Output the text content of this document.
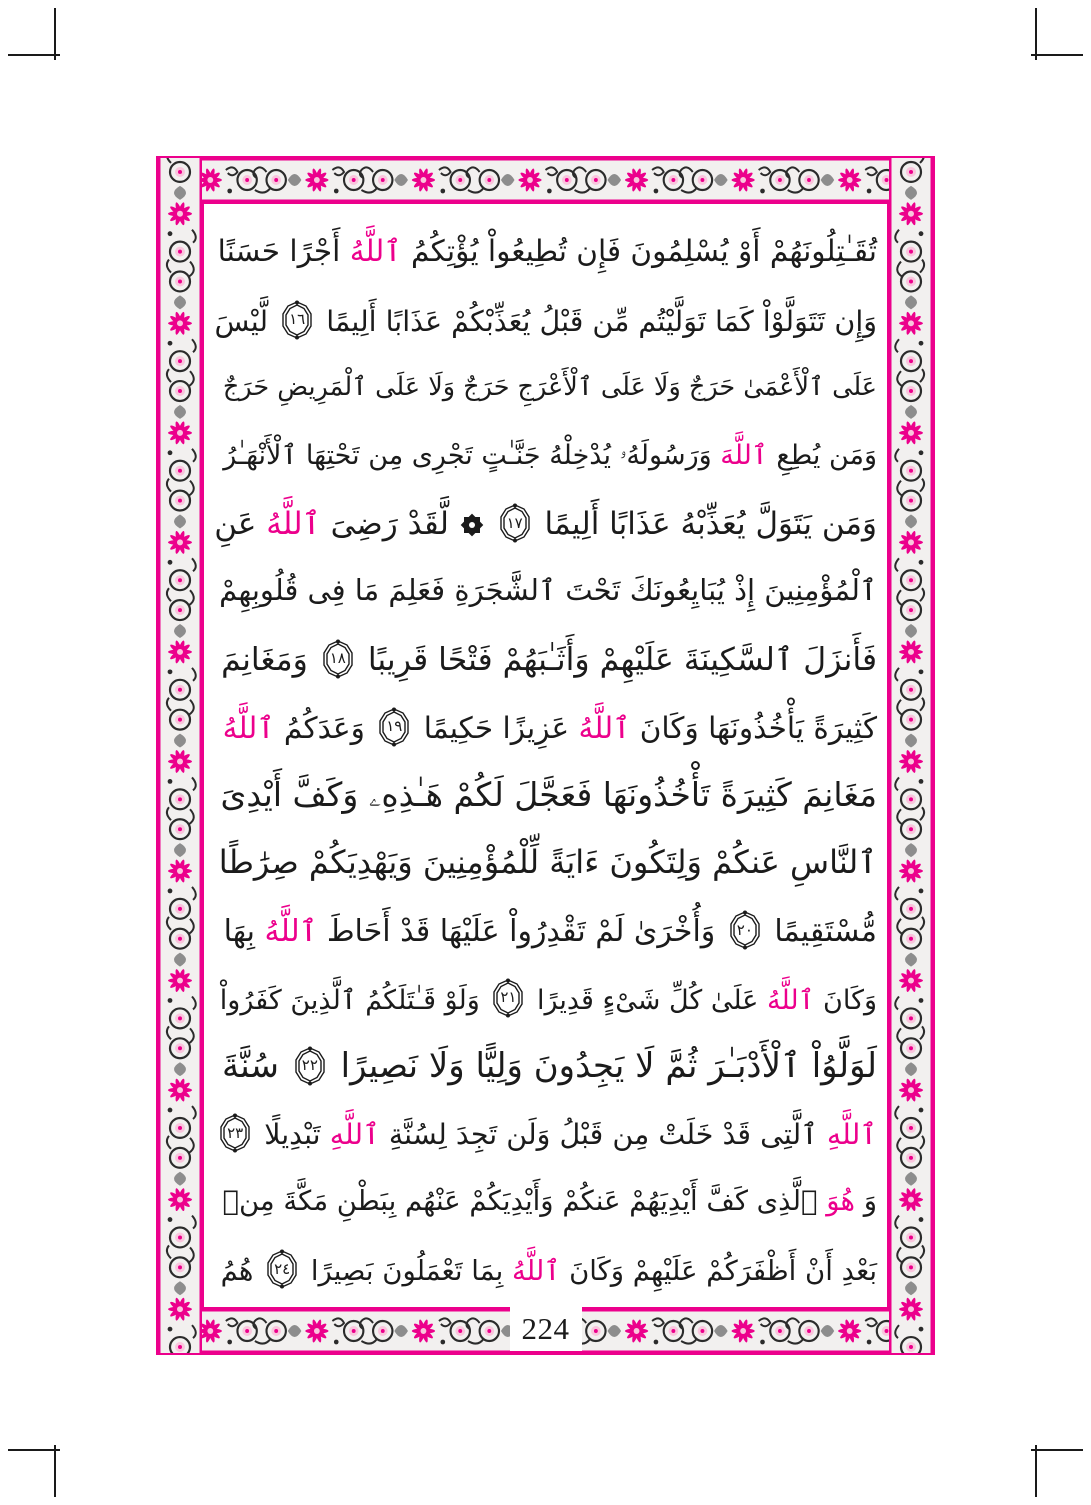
تُقَـٰتِلُونَهُمْ أَوْ يُسْلِمُونَ فَإِن تُطِيعُواْ يُؤْتِكُمُ ٱللَّهُ أَجْرًا حَسَنًا
وَإِن تَتَوَلَّوْاْ كَمَا تَوَلَّيْتُم مِّن قَبْلُ يُعَذِّبْكُمْ عَذَابًا أَلِيمًا
١٦
لَّيْسَ
عَلَى ٱلْأَعْمَىٰ حَرَجٌ وَلَا عَلَى ٱلْأَعْرَجِ حَرَجٌ وَلَا عَلَى ٱلْمَرِيضِ حَرَجٌ
وَمَن يُطِعِ ٱللَّهَ وَرَسُولَهُۥ يُدْخِلْهُ جَنَّـٰتٍ تَجْرِى مِن تَحْتِهَا ٱلْأَنْهَـٰرُ
وَمَن يَتَوَلَّ يُعَذِّبْهُ عَذَابًا أَلِيمًا
١٧
لَّقَدْ رَضِىَ ٱللَّهُ عَنِ
ٱلْمُؤْمِنِينَ إِذْ يُبَايِعُونَكَ تَحْتَ ٱلشَّجَرَةِ فَعَلِمَ مَا فِى قُلُوبِهِمْ
فَأَنزَلَ ٱلسَّكِينَةَ عَلَيْهِمْ وَأَثَـٰبَهُمْ فَتْحًا قَرِيبًا
١٨
وَمَغَانِمَ
كَثِيرَةً يَأْخُذُونَهَا وَكَانَ ٱللَّهُ عَزِيزًا حَكِيمًا
١٩
وَعَدَكُمُ ٱللَّهُ
مَغَانِمَ كَثِيرَةً تَأْخُذُونَهَا فَعَجَّلَ لَكُمْ هَـٰذِهِۦ وَكَفَّ أَيْدِىَ
ٱلنَّاسِ عَنكُمْ وَلِتَكُونَ ءَايَةً لِّلْمُؤْمِنِينَ وَيَهْدِيَكُمْ صِرَٰطًا
مُّسْتَقِيمًا
٢٠
وَأُخْرَىٰ لَمْ تَقْدِرُواْ عَلَيْهَا قَدْ أَحَاطَ ٱللَّهُ بِهَا
وَكَانَ ٱللَّهُ عَلَىٰ كُلِّ شَىْءٍ قَدِيرًا
٢١
وَلَوْ قَـٰتَلَكُمُ ٱلَّذِينَ كَفَرُواْ
لَوَلَّوُاْ ٱلْأَدْبَـٰرَ ثُمَّ لَا يَجِدُونَ وَلِيًّا وَلَا نَصِيرًا
٢٢
سُنَّةَ
ٱللَّهِ ٱلَّتِى قَدْ خَلَتْ مِن قَبْلُ وَلَن تَجِدَ لِسُنَّةِ ٱللَّهِ تَبْدِيلًا
٢٣
وَ هُوَ ٱلَّذِى كَفَّ أَيْدِيَهُمْ عَنكُمْ وَأَيْدِيَكُمْ عَنْهُم بِبَطْنِ مَكَّةَ مِنۢ
بَعْدِ أَنْ أَظْفَرَكُمْ عَلَيْهِمْ وَكَانَ ٱللَّهُ بِمَا تَعْمَلُونَ بَصِيرًا
٢٤
هُمُ
224
